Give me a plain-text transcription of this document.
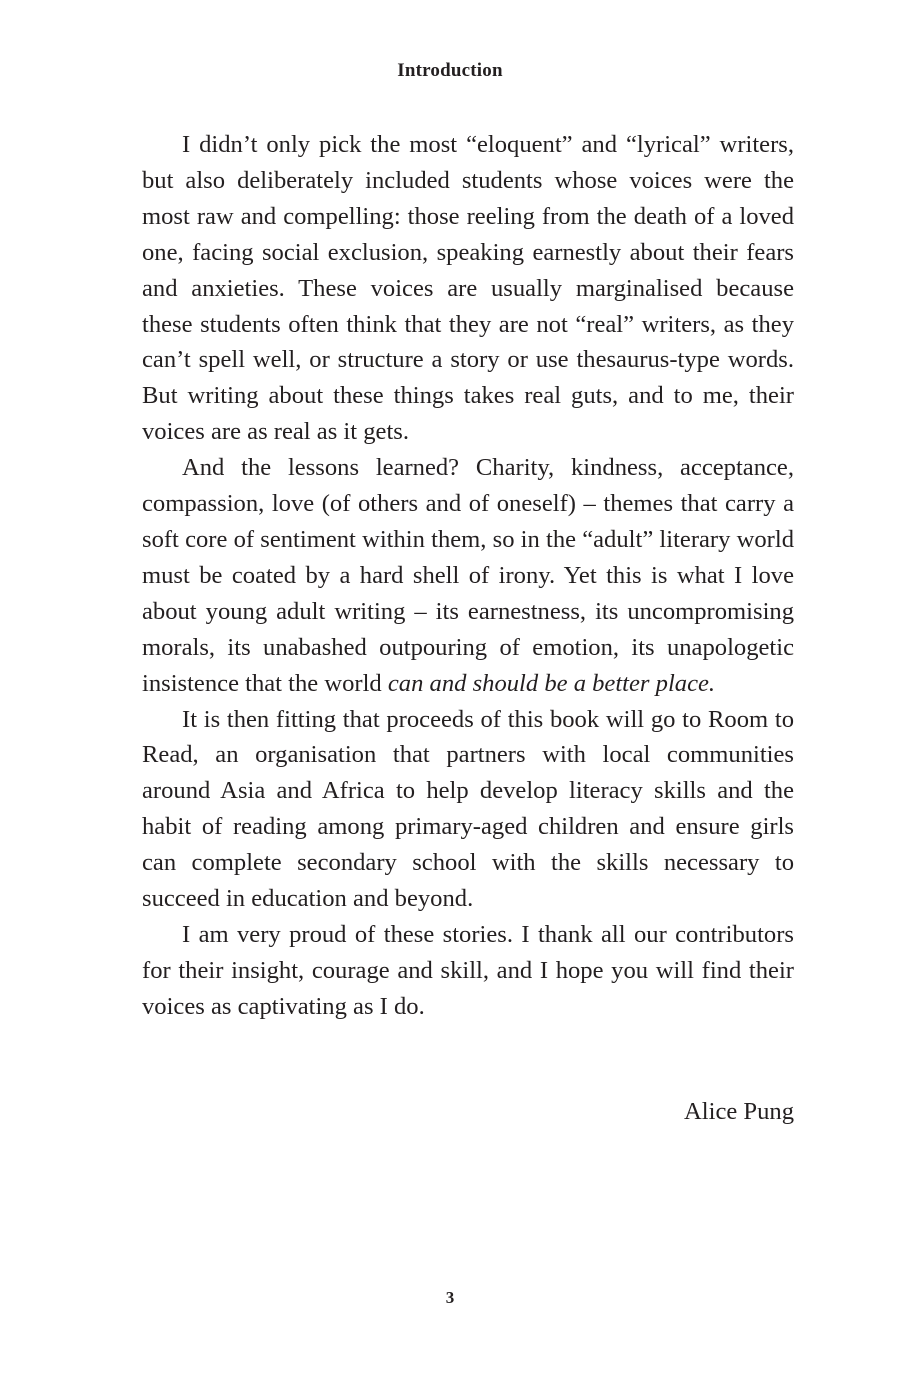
Introduction

I didn’t only pick the most “eloquent” and “lyrical” writers, but also deliberately included students whose voices were the most raw and compelling: those reeling from the death of a loved one, facing social exclusion, speaking earnestly about their fears and anxieties. These voices are usually marginalised because these students often think that they are not “real” writers, as they can’t spell well, or structure a story or use thesaurus-type words. But writing about these things takes real guts, and to me, their voices are as real as it gets.

And the lessons learned? Charity, kindness, acceptance, compassion, love (of others and of oneself) – themes that carry a soft core of sentiment within them, so in the “adult” literary world must be coated by a hard shell of irony. Yet this is what I love about young adult writing – its earnestness, its uncompromising morals, its unabashed outpouring of emotion, its unapologetic insistence that the world can and should be a better place.

It is then fitting that proceeds of this book will go to Room to Read, an organisation that partners with local communities around Asia and Africa to help develop literacy skills and the habit of reading among primary-aged children and ensure girls can complete secondary school with the skills necessary to succeed in education and beyond.

I am very proud of these stories. I thank all our contributors for their insight, courage and skill, and I hope you will find their voices as captivating as I do.

Alice Pung
3
